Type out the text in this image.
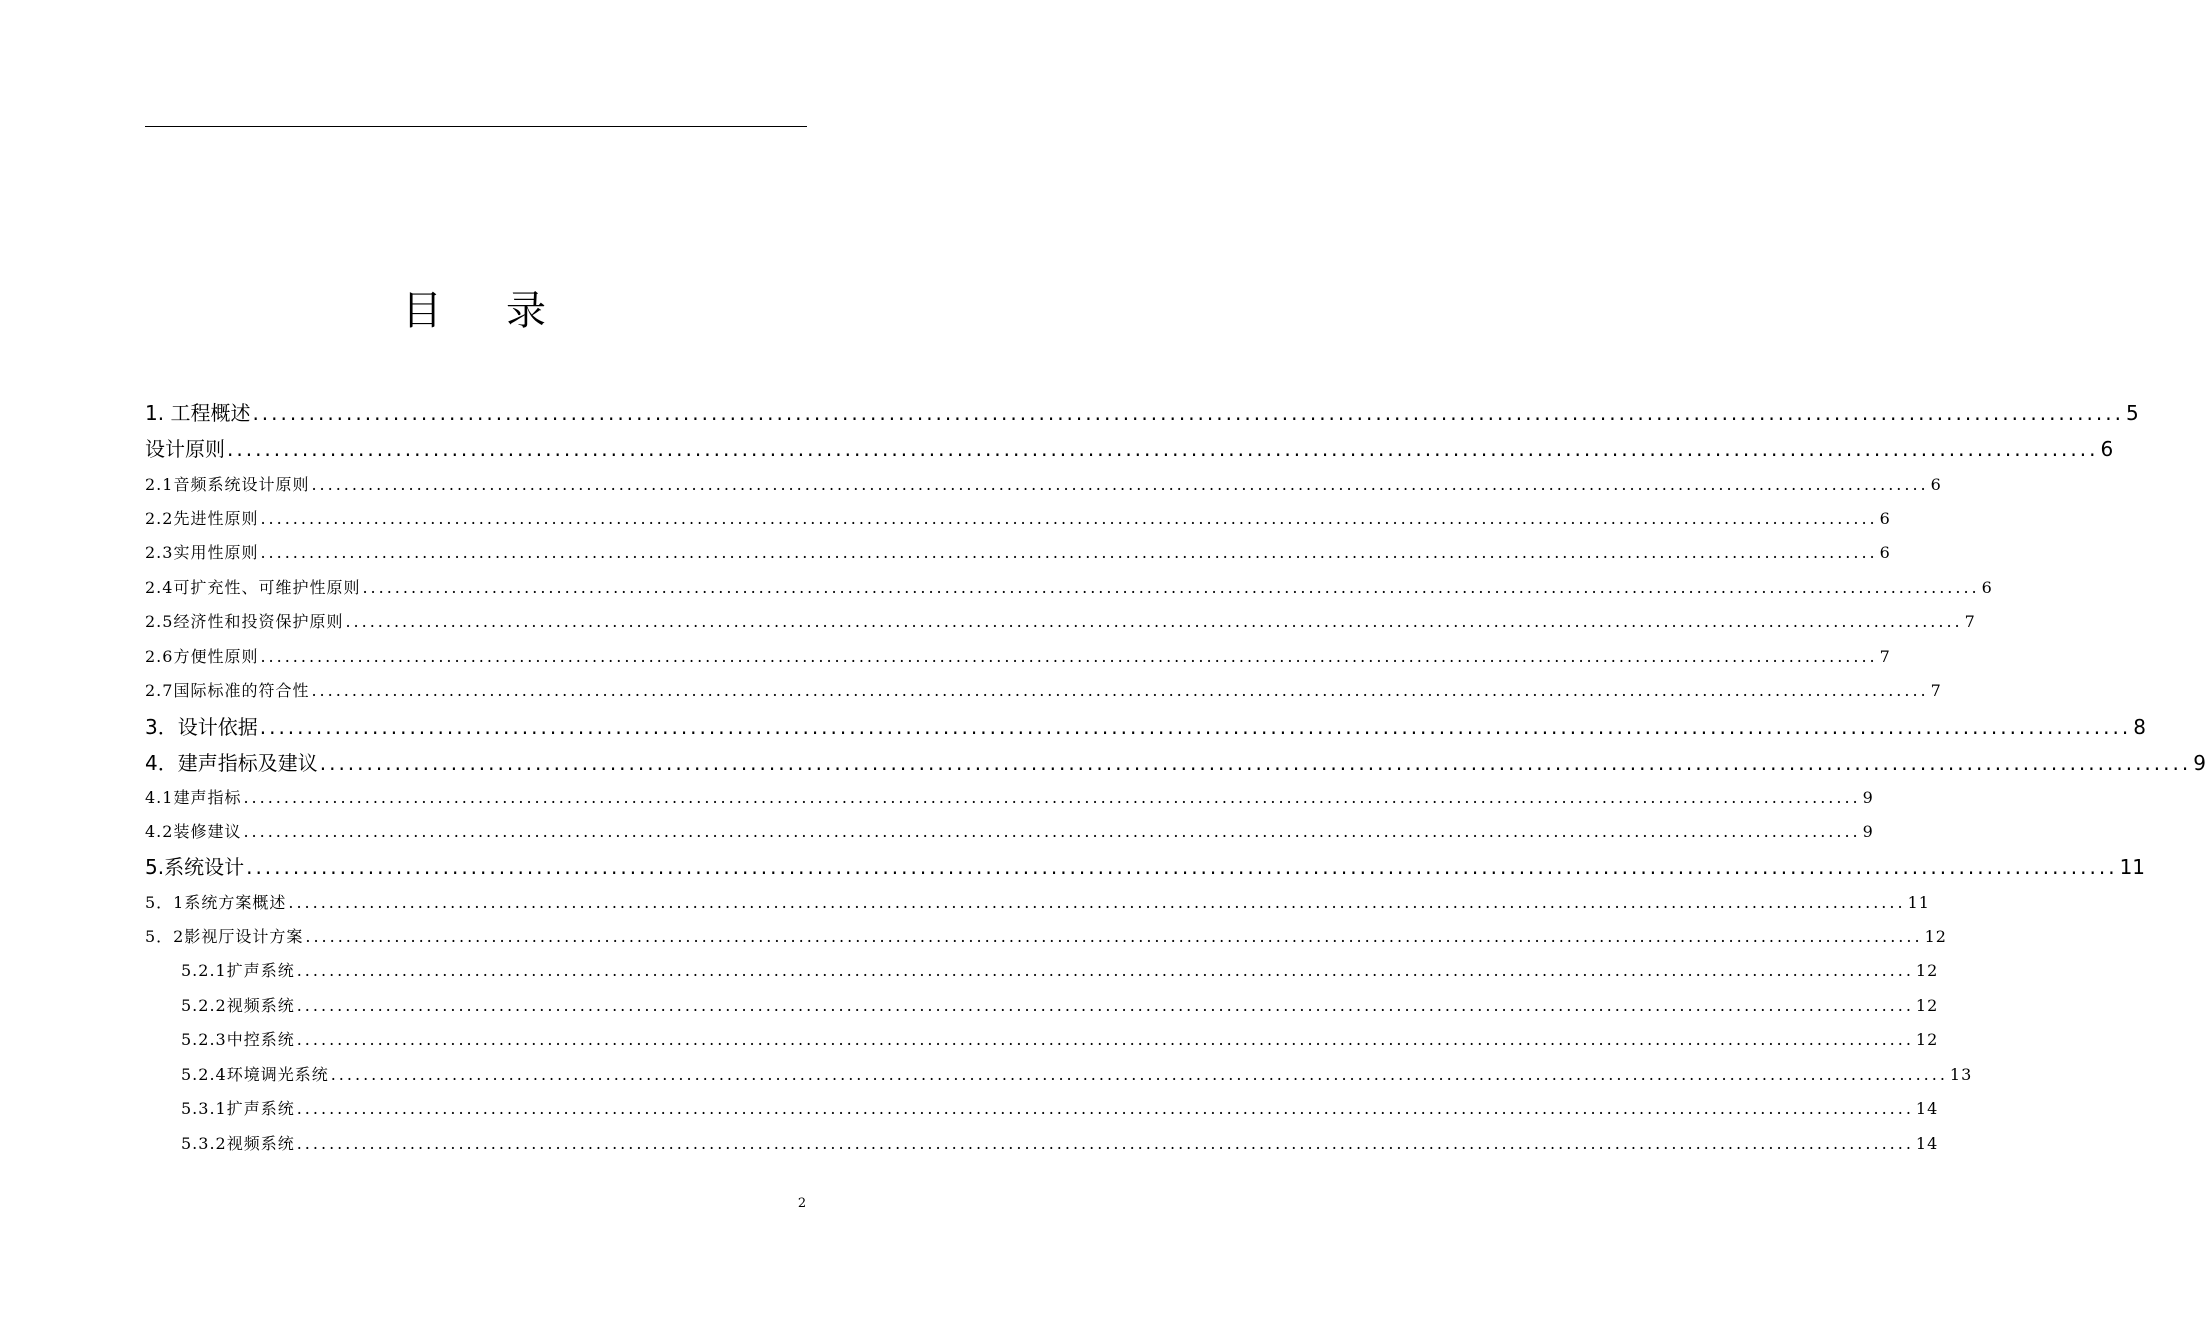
目 录
1. 工程概述 ........................................................................................................................................................................................................ 5
设计原则 ........................................................................................................................................................................................................ 6
2.1音频系统设计原则 ........................................................................................................................................................................................................ 6
2.2先进性原则 ........................................................................................................................................................................................................ 6
2.3实用性原则 ........................................................................................................................................................................................................ 6
2.4可扩充性、可维护性原则 ........................................................................................................................................................................................................ 6
2.5经济性和投资保护原则 ........................................................................................................................................................................................................ 7
2.6方便性原则 ........................................................................................................................................................................................................ 7
2.7国际标准的符合性 ........................................................................................................................................................................................................ 7
3．设计依据 ........................................................................................................................................................................................................ 8
4．建声指标及建议 ........................................................................................................................................................................................................ 9
4.1建声指标 ........................................................................................................................................................................................................ 9
4.2装修建议 ........................................................................................................................................................................................................ 9
5.系统设计 ........................................................................................................................................................................................................ 11
5．1系统方案概述 ........................................................................................................................................................................................................ 11
5．2影视厅设计方案 ........................................................................................................................................................................................................ 12
5.2.1扩声系统 ........................................................................................................................................................................................................ 12
5.2.2视频系统 ........................................................................................................................................................................................................ 12
5.2.3中控系统 ........................................................................................................................................................................................................ 12
5.2.4环境调光系统 ........................................................................................................................................................................................................ 13
5.3.1扩声系统 ........................................................................................................................................................................................................ 14
5.3.2视频系统 ........................................................................................................................................................................................................ 14
2
